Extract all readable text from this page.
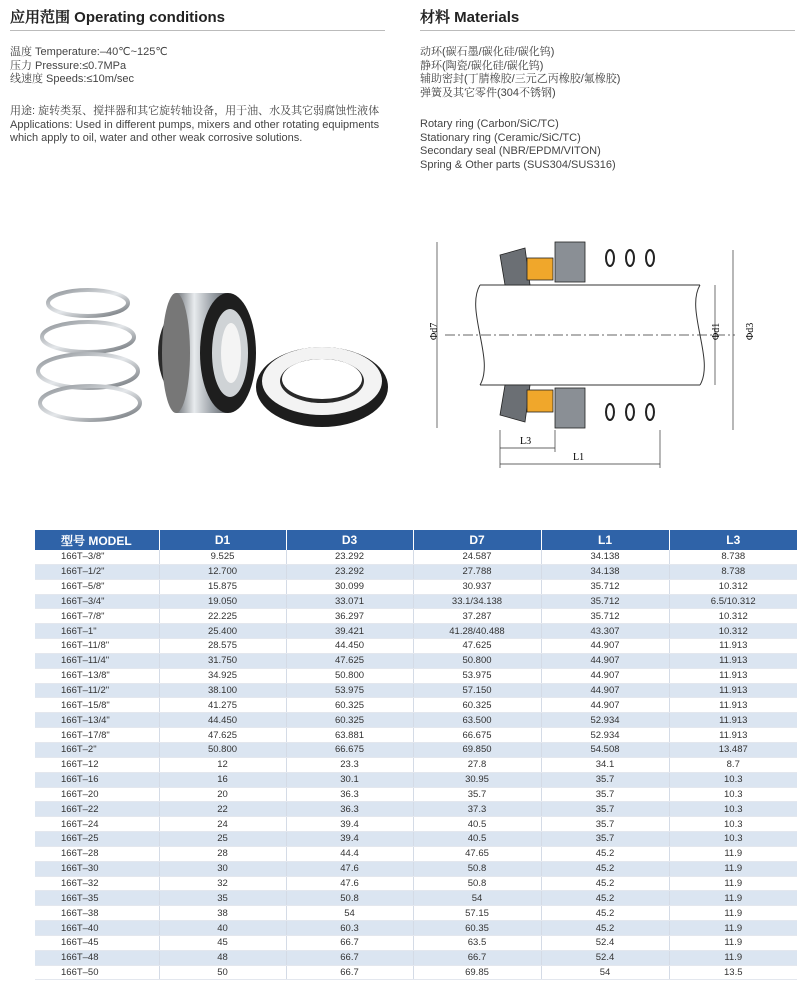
应用范围 Operating conditions
温度 Temperature:–40℃~125℃
压力 Pressure:≤0.7MPa
线速度 Speeds:≤10m/sec
用途: 旋转类泵、搅拌器和其它旋转轴设备，用于油、水及其它弱腐蚀性液体
Applications: Used in different pumps, mixers and other rotating equipments which apply to oil, water and other weak corrosive solutions.
材料 Materials
动环(碳石墨/碳化硅/碳化钨)
静环(陶瓷/碳化硅/碳化钨)
辅助密封(丁腈橡胶/三元乙丙橡胶/氟橡胶)
弹簧及其它零件(304不锈钢)
Rotary ring (Carbon/SiC/TC)
Stationary ring (Ceramic/SiC/TC)
Secondary seal (NBR/EPDM/VITON)
Spring & Other parts (SUS304/SUS316)
Φd7	Φd1 Φd3
L3
L1
型号 MODEL	D1	D3	D7	L1	L3
166T–3/8"	9.525	23.292	24.587	34.138	8.738
166T–1/2"	12.700	23.292	27.788	34.138	8.738
166T–5/8"	15.875	30.099	30.937	35.712	10.312
166T–3/4"	19.050	33.071	33.1/34.138	35.712	6.5/10.312
166T–7/8"	22.225	36.297	37.287	35.712	10.312
166T–1"	25.400	39.421	41.28/40.488	43.307	10.312
166T–11/8"	28.575	44.450	47.625	44.907	11.913
166T–11/4"	31.750	47.625	50.800	44.907	11.913
166T–13/8"	34.925	50.800	53.975	44.907	11.913
166T–11/2"	38.100	53.975	57.150	44.907	11.913
166T–15/8"	41.275	60.325	60.325	44.907	11.913
166T–13/4"	44.450	60.325	63.500	52.934	11.913
166T–17/8"	47.625	63.881	66.675	52.934	11.913
166T–2"	50.800	66.675	69.850	54.508	13.487
166T–12	12	23.3	27.8	34.1	8.7
166T–16	16	30.1	30.95	35.7	10.3
166T–20	20	36.3	35.7	35.7	10.3
166T–22	22	36.3	37.3	35.7	10.3
166T–24	24	39.4	40.5	35.7	10.3
166T–25	25	39.4	40.5	35.7	10.3
166T–28	28	44.4	47.65	45.2	11.9
166T–30	30	47.6	50.8	45.2	11.9
166T–32	32	47.6	50.8	45.2	11.9
166T–35	35	50.8	54	45.2	11.9
166T–38	38	54	57.15	45.2	11.9
166T–40	40	60.3	60.35	45.2	11.9
166T–45	45	66.7	63.5	52.4	11.9
166T–48	48	66.7	66.7	52.4	11.9
166T–50	50	66.7	69.85	54	13.5
